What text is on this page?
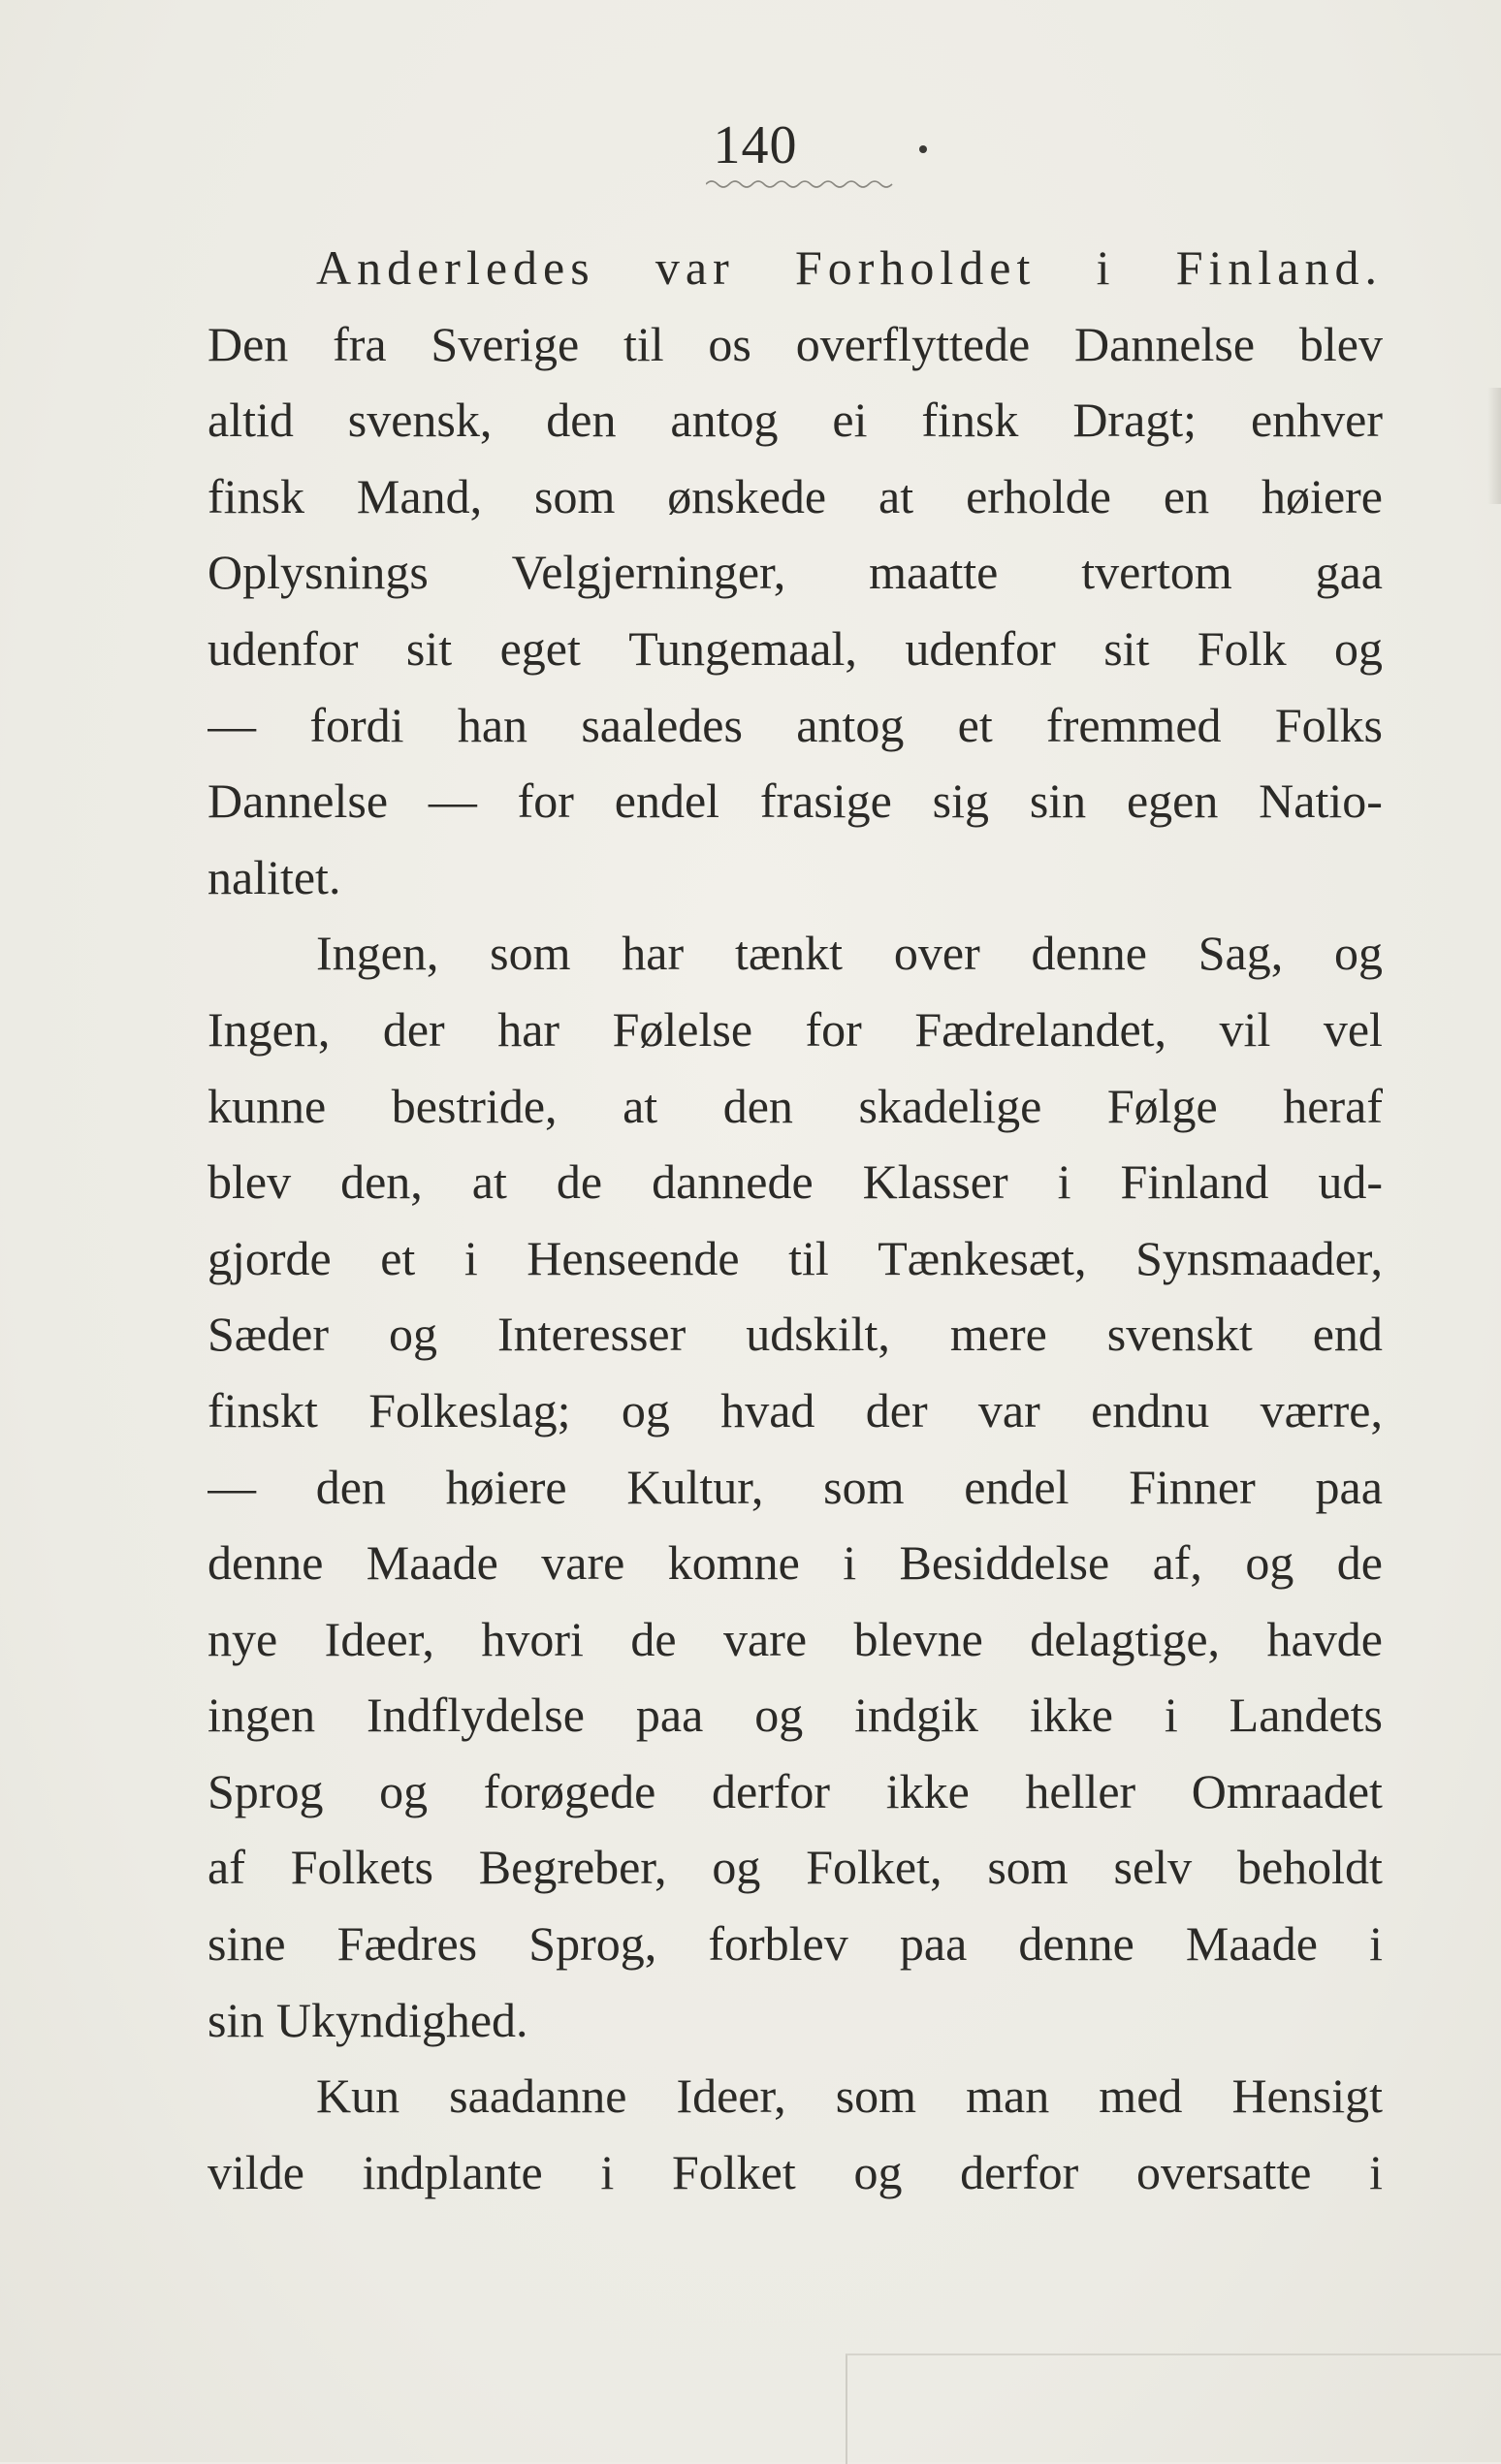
140
Anderledes var Forholdet i Finland.
Den fra Sverige til os overflyttede Dannelse blev
altid svensk, den antog ei finsk Dragt; enhver
finsk Mand, som ønskede at erholde en høiere
Oplysnings Velgjerninger, maatte tvertom gaa
udenfor sit eget Tungemaal, udenfor sit Folk og
— fordi han saaledes antog et fremmed Folks
Dannelse — for endel frasige sig sin egen Natio-
nalitet.
Ingen, som har tænkt over denne Sag, og
Ingen, der har Følelse for Fædrelandet, vil vel
kunne bestride, at den skadelige Følge heraf
blev den, at de dannede Klasser i Finland ud-
gjorde et i Henseende til Tænkesæt, Synsmaader,
Sæder og Interesser udskilt, mere svenskt end
finskt Folkeslag; og hvad der var endnu værre,
— den høiere Kultur, som endel Finner paa
denne Maade vare komne i Besiddelse af, og de
nye Ideer, hvori de vare blevne delagtige, havde
ingen Indflydelse paa og indgik ikke i Landets
Sprog og forøgede derfor ikke heller Omraadet
af Folkets Begreber, og Folket, som selv beholdt
sine Fædres Sprog, forblev paa denne Maade i
sin Ukyndighed.
Kun saadanne Ideer, som man med Hensigt
vilde indplante i Folket og derfor oversatte i
